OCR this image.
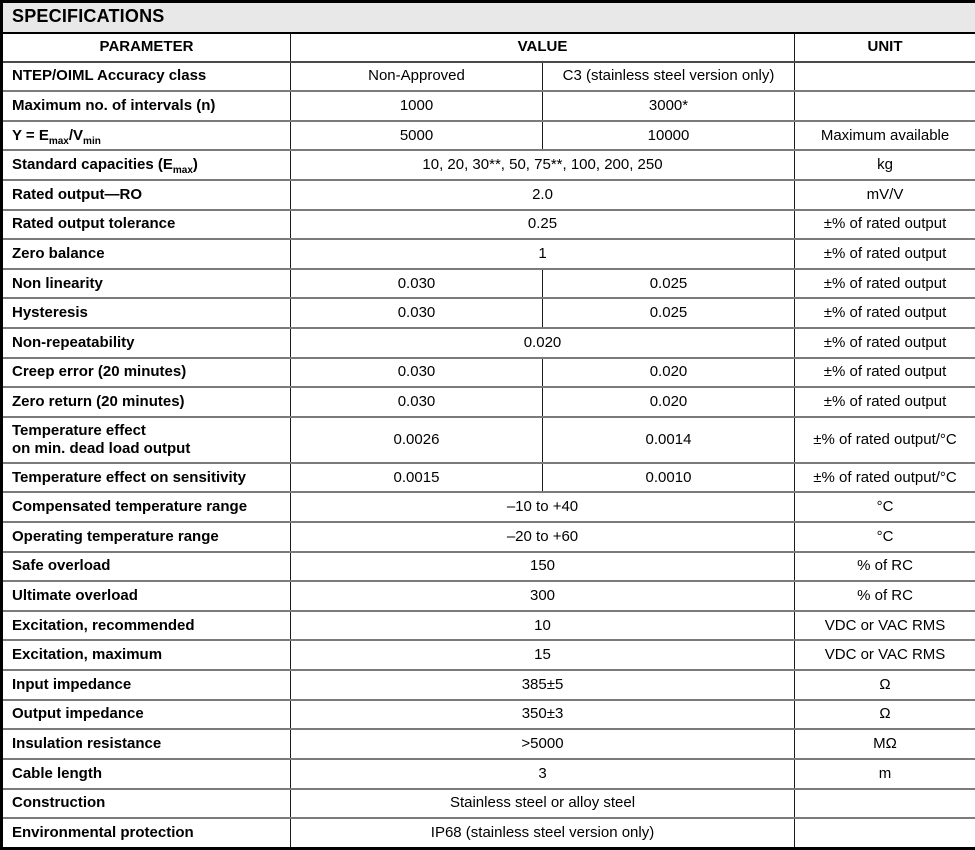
SPECIFICATIONS			
PARAMETER	VALUE		UNIT
NTEP/OIML Accuracy class	Non-Approved	C3 (stainless steel version only)	
Maximum no. of intervals (n)	1000	3000*	
$Y = E_{max}/V_{min}$	5000	10000	Maximum available
Standard capacities $(E_{max})$	10, 20, 30**, 50, 75**, 100, 200, 250		kg
Rated output—RO	2.0		mV/V
Rated output tolerance	0.25		±% of rated output
Zero balance	1		±% of rated output
Non linearity	0.030	0.025	±% of rated output
Hysteresis	0.030	0.025	±% of rated output
Non-repeatability	0.020		±% of rated output
Creep error (20 minutes)	0.030	0.020	±% of rated output
Zero return (20 minutes)	0.030	0.020	±% of rated output

Temperature effect
on min. dead load output	0.0026	0.0014	±% of rated output/°C
Temperature effect on sensitivity	0.0015	0.0010	±% of rated output/°C
Compensated temperature range	–10 to +40		°C
Operating temperature range	–20 to +60		°C
Safe overload	150		% of RC
Ultimate overload	300		% of RC
Excitation, recommended	10		VDC or VAC RMS
Excitation, maximum	15		VDC or VAC RMS
Input impedance	385±5		Ω
Output impedance	350±3		Ω
Insulation resistance	>5000		MΩ
Cable length	3		m
Construction	Stainless steel or alloy steel		
Environmental protection	IP68 (stainless steel version only)		
